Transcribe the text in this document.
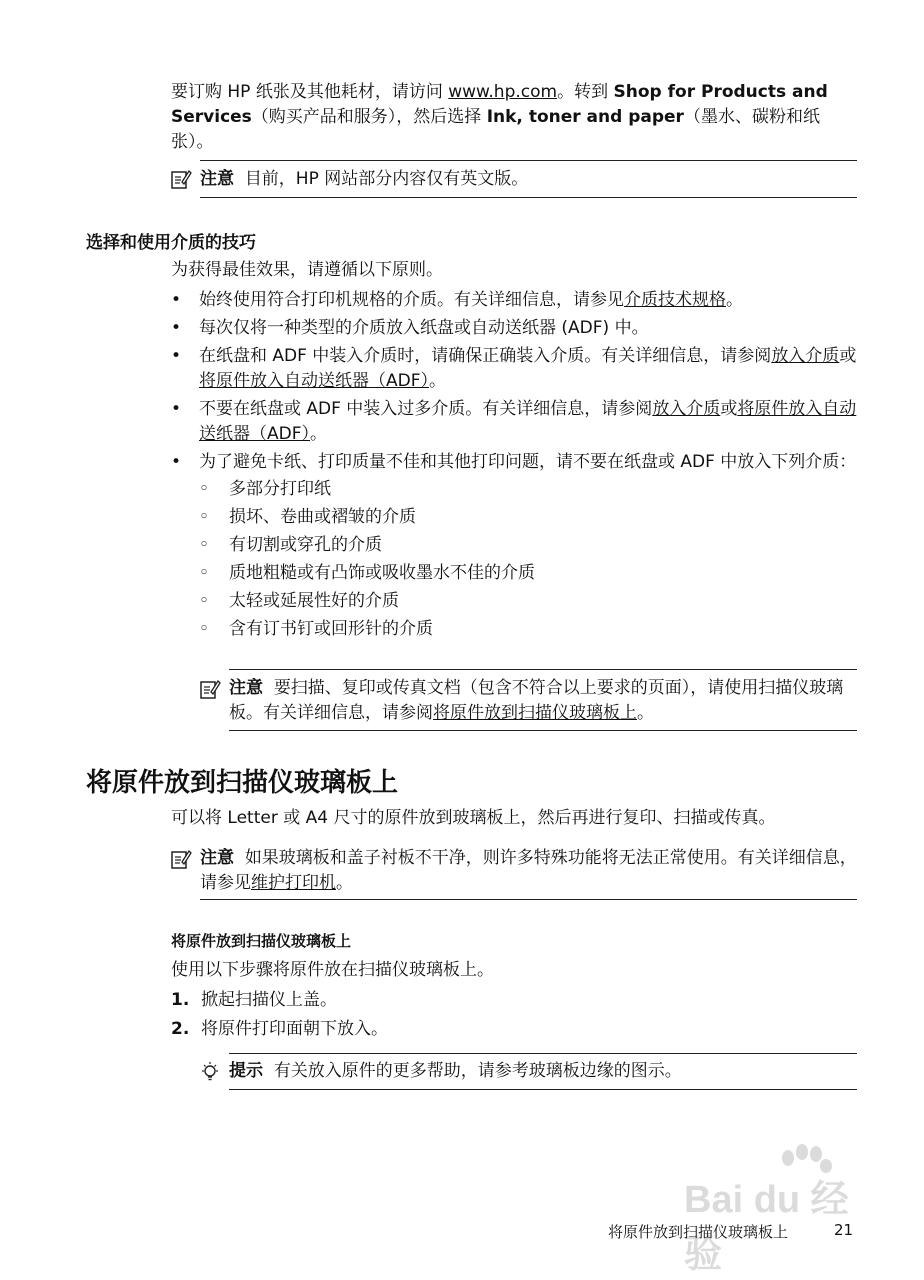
要订购 HP 纸张及其他耗材，请访问 www.hp.com。转到 Shop for Products and Services（购买产品和服务），然后选择 Ink, toner and paper（墨水、碳粉和纸张）。
注意 目前，HP 网站部分内容仅有英文版。
选择和使用介质的技巧
为获得最佳效果，请遵循以下原则。
• 始终使用符合打印机规格的介质。有关详细信息，请参见介质技术规格。
• 每次仅将一种类型的介质放入纸盘或自动送纸器 (ADF) 中。
• 在纸盘和 ADF 中装入介质时，请确保正确装入介质。有关详细信息，请参阅放入介质或将原件放入自动送纸器（ADF）。
• 不要在纸盘或 ADF 中装入过多介质。有关详细信息，请参阅放入介质或将原件放入自动送纸器（ADF）。
• 为了避免卡纸、打印质量不佳和其他打印问题，请不要在纸盘或 ADF 中放入下列介质：
◦ 多部分打印纸
◦ 损坏、卷曲或褶皱的介质
◦ 有切割或穿孔的介质
◦ 质地粗糙或有凸饰或吸收墨水不佳的介质
◦ 太轻或延展性好的介质
◦ 含有订书钉或回形针的介质
注意 要扫描、复印或传真文档（包含不符合以上要求的页面），请使用扫描仪玻璃板。有关详细信息，请参阅将原件放到扫描仪玻璃板上。
将原件放到扫描仪玻璃板上
可以将 Letter 或 A4 尺寸的原件放到玻璃板上，然后再进行复印、扫描或传真。
注意 如果玻璃板和盖子衬板不干净，则许多特殊功能将无法正常使用。有关详细信息，请参见维护打印机。
将原件放到扫描仪玻璃板上
使用以下步骤将原件放在扫描仪玻璃板上。
1. 掀起扫描仪上盖。
2. 将原件打印面朝下放入。
提示 有关放入原件的更多帮助，请参考玻璃板边缘的图示。
Bai du 经验
将原件放到扫描仪玻璃板上	21
